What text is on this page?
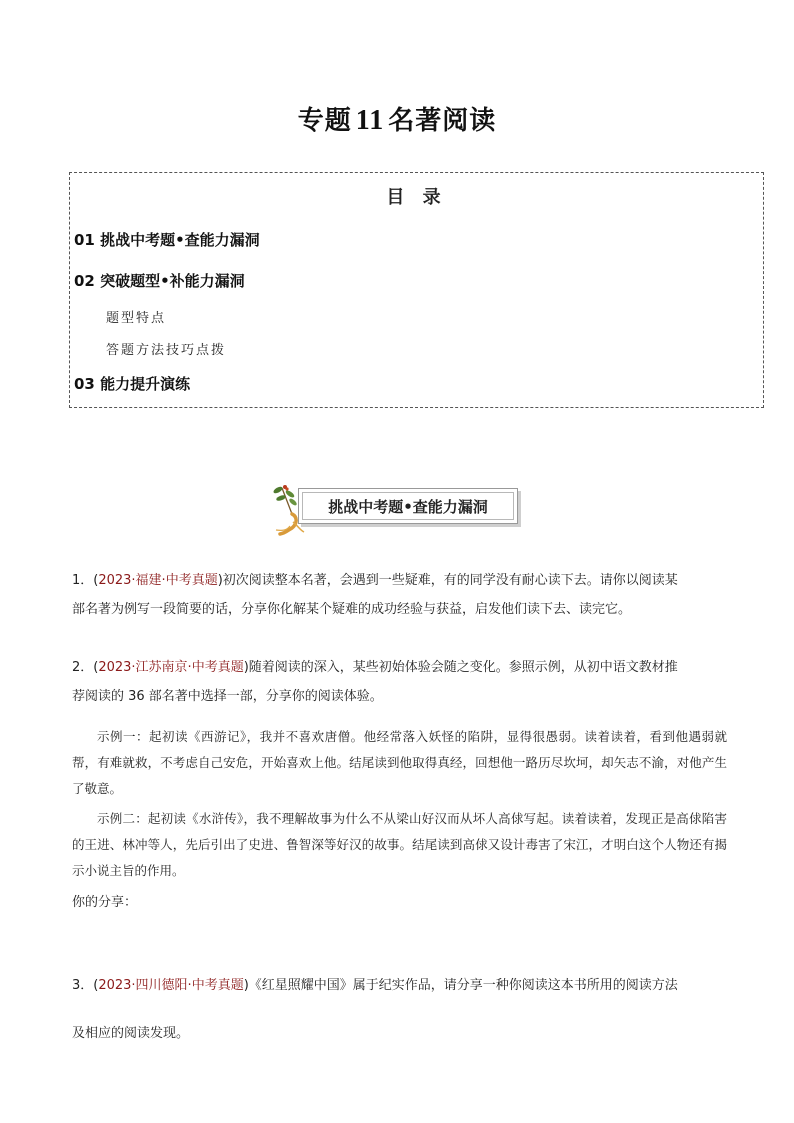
专题 11 名著阅读
目 录
01 挑战中考题•查能力漏洞
02 突破题型•补能力漏洞
题型特点
答题方法技巧点拨
03 能力提升演练
挑战中考题•查能力漏洞
1．(2023·福建·中考真题)初次阅读整本名著，会遇到一些疑难，有的同学没有耐心读下去。请你以阅读某
部名著为例写一段简要的话，分享你化解某个疑难的成功经验与获益，启发他们读下去、读完它。
2．(2023·江苏南京·中考真题)随着阅读的深入，某些初始体验会随之变化。参照示例，从初中语文教材推
荐阅读的 36 部名著中选择一部，分享你的阅读体验。
示例一：起初读《西游记》，我并不喜欢唐僧。他经常落入妖怪的陷阱，显得很愚弱。读着读着，看到他遇弱就帮，有难就救，不考虑自己安危，开始喜欢上他。结尾读到他取得真经，回想他一路历尽坎坷，却矢志不渝，对他产生了敬意。
示例二：起初读《水浒传》，我不理解故事为什么不从梁山好汉而从坏人高俅写起。读着读着，发现正是高俅陷害的王进、林冲等人，先后引出了史进、鲁智深等好汉的故事。结尾读到高俅又设计毒害了宋江，才明白这个人物还有揭示小说主旨的作用。
你的分享：
3．(2023·四川德阳·中考真题)《红星照耀中国》属于纪实作品，请分享一种你阅读这本书所用的阅读方法
及相应的阅读发现。
